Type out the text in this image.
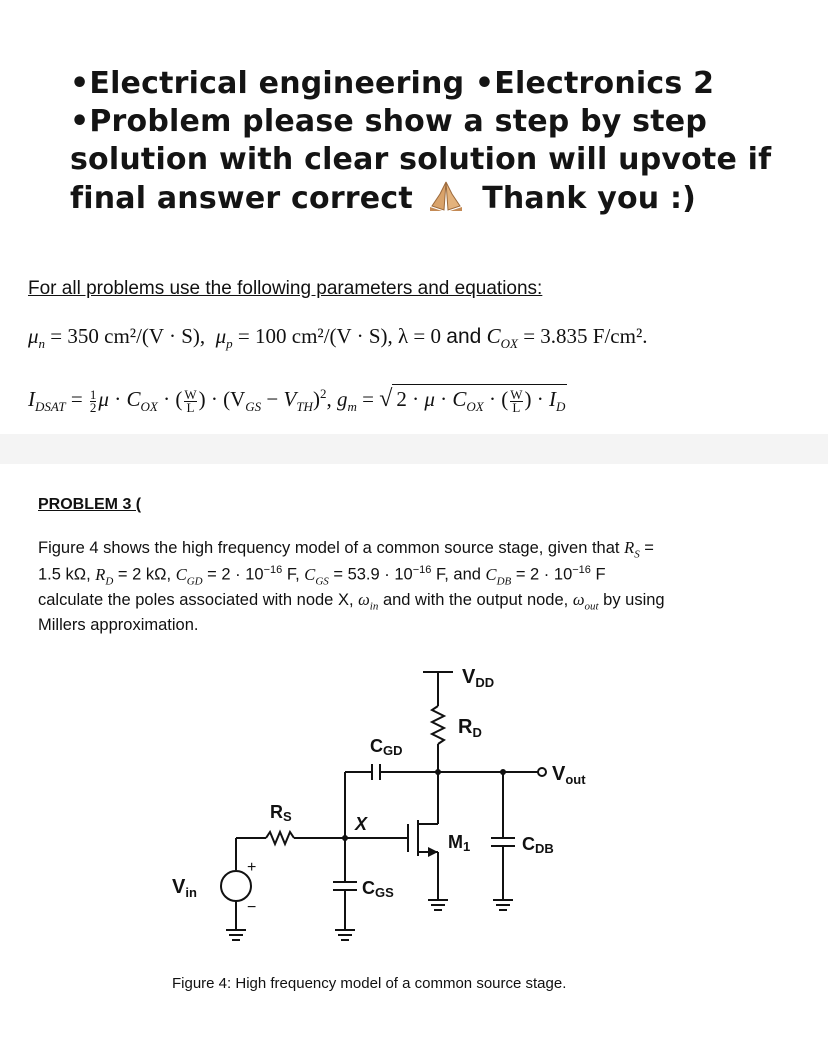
•Electrical engineering •Electronics 2

•Problem please show a step by step

solution with clear solution will upvote if

final answer correct Thank you :)

For all problems use the following parameters and equations:
$\mu_n = 350$ cm²/(V · S), $\mu_p = 100$ cm²/(V · S), λ = 0 and $C_{OX} = 3.835$ F/cm².
$I_{DSAT} = \frac{1}{2}$ $\mu \cdot C_{OX}$ · ( $\frac{W}{L}$ ) · $(V_{GS} - V_{TH})^2$, $g_m$ = √ $2 \cdot \mu \cdot C_{OX}$ · ( $\frac{W}{L}$ ) · $I_D$
PROBLEM 3 (
Figure 4 shows the high frequency model of a common source stage, given that $R_S$ =
1.5 kΩ, $R_D = 2$ kΩ, $C_{GD} = 2 \cdot 10^{-16}$ F, $C_{GS} = 53.9 \cdot 10^{-16}$ F, and $C_{DB} = 2 \cdot 10^{-16}$ F
calculate the poles associated with node X, $\omega_{in}$ and with the output node, $\omega_{out}$ by using
Millers approximation.
$V_{DD}$
$R_D$
CGD
$V_{out}$
RS	X
M1	CDB
$V_{in}$	CGS
+
−
Figure 4: High frequency model of a common source stage.
